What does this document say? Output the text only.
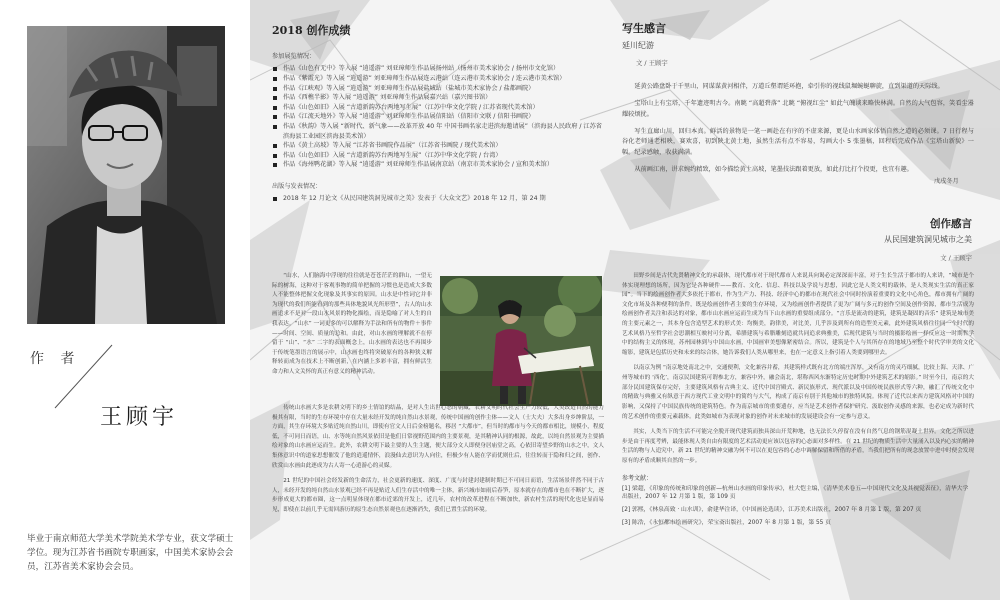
作 者
王顾宇
毕业于南京师范大学美术学院美术学专业，获文学硕士学位。现为江苏省书画院专职画家，中国美术家协会会员，江苏省美术家协会会员。
2018 创作成绩
参加展览情况：
作品《山色有无中》等入展 “逍遥游” 刘亚璋师生作品展扬州站（扬州市美术家协会 / 扬州市文化馆）
作品《紫霞光》等入展 “逍遥游” 刘亚璋师生作品展连云港站（连云港市美术家协会 / 连云港市美术馆）
作品《江峡观》等入展 “逍遥游” 刘亚璋师生作品展盐城站（盐城市美术家协会 / 盐都画院）
作品《西樵半影》等入展 “逍遥游” 刘亚璋师生作品展嘉兴站（嘉兴图书馆）
作品《山色如旧》入展 “古道新韵苏台两地写生展”（江苏中华文化学院 / 江苏省现代美术馆）
作品《江流天地外》等入展 “逍遥游” 刘亚璋师生作品展信阳站（信阳市文联 / 信阳书画院）
作品《秋韵》等入展 “新时代、新气象——改革开放 40 年 中国书画名家走进滨海邀请展”（滨海县人民政府 / 江苏省滨海县工业园区滨海县美术馆）
作品《黄土高坡》等入展 “江苏省书画院作品展”（江苏省书画院 / 现代美术馆）
作品《山色如旧》入展 “古道新韵苏台两地写生展”（江苏中华文化学院 / 台湾）
作品《海州鸭花湖》等入展 “逍遥游” 刘亚璋师生作品展南京站（南京市美术家协会 / 宣和美术馆）
出版与发表情况：
2018 年 12 月论文《从民国建筑洞见城市之美》发表于《大众文艺》2018 年 12 月，第 24 期
写生感言
延川纪游
文 / 王顾宇

延黄公路盘卧于千里山，同谋谋黄河相伴，万道丘壑谓延环抱，牵引你的视线鼠堀蜿蜒聊旋，直到渠道的天际线。

宝塔山上有宝塔，千年遗迹明古今。南眺 “高超碧落” 北眺 “俯视红尘” 如此气魄谈来略快林满。自然的大气包容，笑看尘嚣耀较烦扰。

写生直廊山川，回归本真。鲜活的景物是一笔一画赴在有序的不虚来源，更是山水画家体悟自然之道的必须课。7 日行程与谷化老师通老相映，赛欢喜，初到陕北黄土地，虽然生活有点不容易，勾画大小 5 张墨稿，回程后完成作品《宝塔山新貌》一幅。纪录感触，收获满满。

从前画江南，讲求婉约精致，如今描绘黄土高坡，笔墨技法跟着更放，如此打比打个投更，也宜有趣。

戊戌冬月
创作感言
从民国建筑洞见城市之美
文 / 王顾宇

“山水，人们脑海中浮现的往往就是苍苍茫茫的群山，一望无际的树海，这种对于客观事物的简单把握的习惯也是造成大多数人不能整体把握文化现象及其事实的原因。山水是中性词它并非为现代的我们所能看到的那些具体地貌风光所形塑”，古人的山水画追求不是对一段山水风景的物化描绘，而是隐喻了对人生的自我表达。“山水” 一词更多的可以解释为手法和所有的物件＋事件——时间、空间、质量的总和。由此，对山水画的理解就不在停留于 “山”、“水” 二字的表面概念上，山水画的表达也不再围步于传统笔墨语言的展示中，山水画也终将突破原有的各种狭义解释转而成为在技术上不断创新，在内涵上多彩丰富，拥有鲜活生命力和人文关怀的真正有意义的精神活动。

传统山水画大多是农耕文明下的乡土情谊的结晶，是对人生出世心态的朝藏，农耕文明时代社会生产力较低，人类改造自然的能力极其有限，当时的生存环境中存在大量未经开发的纯自然山水景观，传统中国画的创作主体——文人（士大夫）大多出身乡绅阶层，一方面，其生存环境大多贴近纯自然山川，即使有官文人日后金榜题名，移居 “大都市”，但当时的都市与今天的都市相比，规模小，程度低，不可同日而语，山、水等纯自然风景依旧是他们日常视野范围内的主要景观，是其精神认同的根源，故此，以纯自然景观为主要描绘对象的山水画应运而生。此外，农耕文明下最主要的人生主题，便大部分文人即便身居庙堂之高，心依旧寄望乡野的山水之中，文人集体意识中的道家思想催发了他的逍遥情怀，浪漫仙去意识为人向往，但极少有人能在学而优则仕后，往往转而于隐和归之间，创作、欣赏山水画由此逐成为古人寄一心逍游心的灵媒。

21 世纪的中国社会经发新的生命活力，社会更新的速度、深度、广度与封建封建制时期已不可同日而语，生活场景伴然不同于古人，未经开发的纯自然山水景观已经不再是贴近人们生存活中的唯一主体，新兴城市如雨后春笋，原本就存在的都市也在不断扩大，逐步形成更大的都市圈，这一点明显体现在都市近郊的开发上，近几年，农村的改革进程在不断加快，新农村生活的现代化也是显而易见，即使在以前几乎无需回游历的原生态自然景观也在逐渐消失，我们已置生活的环境。

田野乡间是古代先贤精神文化的承载体，现代都市对于现代都市人来说具向谒必定深深而丰富，对于生长生活于都市的人来讲，“城市是个体实现理想的场所，因为它是各种硬件——教育、文化、信息、科技以及学说与思想，因此它是人类文明的载体，是人类现实生活的真正家园”。当下的绘画创作者大多依托于都市，作为生产力、科技、经济中心的都市在现代社会中同时扮演着重要的文化中心角色，都市拥有广阔的文化市场及各种便利的条件，既是绘画创作者主要的生存环境，又为绘画创作者提供了更为广阔与多元的创作空间及创作资源，都市生活成为绘画创作者关注和表达的对象，都市山水画应运而生成为当下山水画的重要组成部分。“言乐是流动的建筑，建筑是凝固的音乐” 建筑是城市美的主要元素之一，其本身包含造型艺术的形式美：均衡美，韵律美，对比美，几乎涉及到所有的造型美元素，此外建筑风格往往同一个时代的艺术风格乃至哲学社会思潮相互映衬可分离，希腊建筑与希腊雕刻造就共同追求典雅美，后现代建筑与当时的摄影绘画一样反应这一时期哲学中的结构主义的体现，苏州园林到与中国山水画，中国画审美想像紧密结合。所以，建筑是个人与其所存在的地域乃至整个时代学审美的文化缩影，建筑是包括历史和未来的综合体，她告诉我们人类从哪里来，也在一定意义上指引着人类要到哪里去。

以南京为例 “南京地处南北之中，交通便利，文化兼容并蓄，其建筑样式既有北方的端庄浑厚，又有南方的灵巧细腻，比较上海、天津、广州等城市的 ‘西化’，南京民国建筑可谓参北方，兼容中外，融会南北，堪称西风东渐特定历史时期中外建筑艺术的缩影。” 时至今日，南京的大部分民国建筑保存完好，主要建筑风格有古典主义、近代中国宫殿式、新民族形式、现代派以及中国传统民族形式等六种，融汇了传统文化中的精致与典雅又有纵意于西方现代工业文明中的简约与大气，构成了南京有别于其他城市的独特风貌。体现了近代以来西方建筑风格对中国的影响，又保持了中国民族传统的建筑特色。作为南京城市的重要遗存，应当是艺术创作者保护研究、汲取创作灵感的来源，也必定成为新时代的艺术创作的重要元素载体。此类如城市为表现对象的创作对未来城市的发展建设会有一定参与意义。

其实，人类当下的生活不可能完全脱开现代建筑而独具深山开荒种地，也无法长久停留在没有自然气息的钢筋混凝土世界。文化之所以进步是由于再度考辨，最能体现人类自由有限度的艺术活动更应该以包容的心态面对多样性。在 21 世纪的物质生活中大量涌入以及内心实的精神生活的物与人追究中，新 21 世纪的精神交融为何不可以在更包容的心态中调解保留和所借的矛盾，当我们把所有的现念放置中进中时便会发现原有的矛盾成顺其自然的一步。

参考文献：
[1] 梁超，《印象的传统和印象的创新—杭州山水画的印象传承》，杜大恺主编，《清华美术卷五—中国现代文化及其视觉表征》，清华大学出版社，2007 年 12 月第 1 版，第 109 页
[2] 郭熙，《林泉高致 · 山水训》，俞建华注译，《中国画论选读》，江苏美术出版社，2007 年 8 月第 1 版，第 207 页
[3] 陈浩，《永恒都市绘画研究》，荣宝斋出版社，2007 年 8 月第 1 版，第 55 页
